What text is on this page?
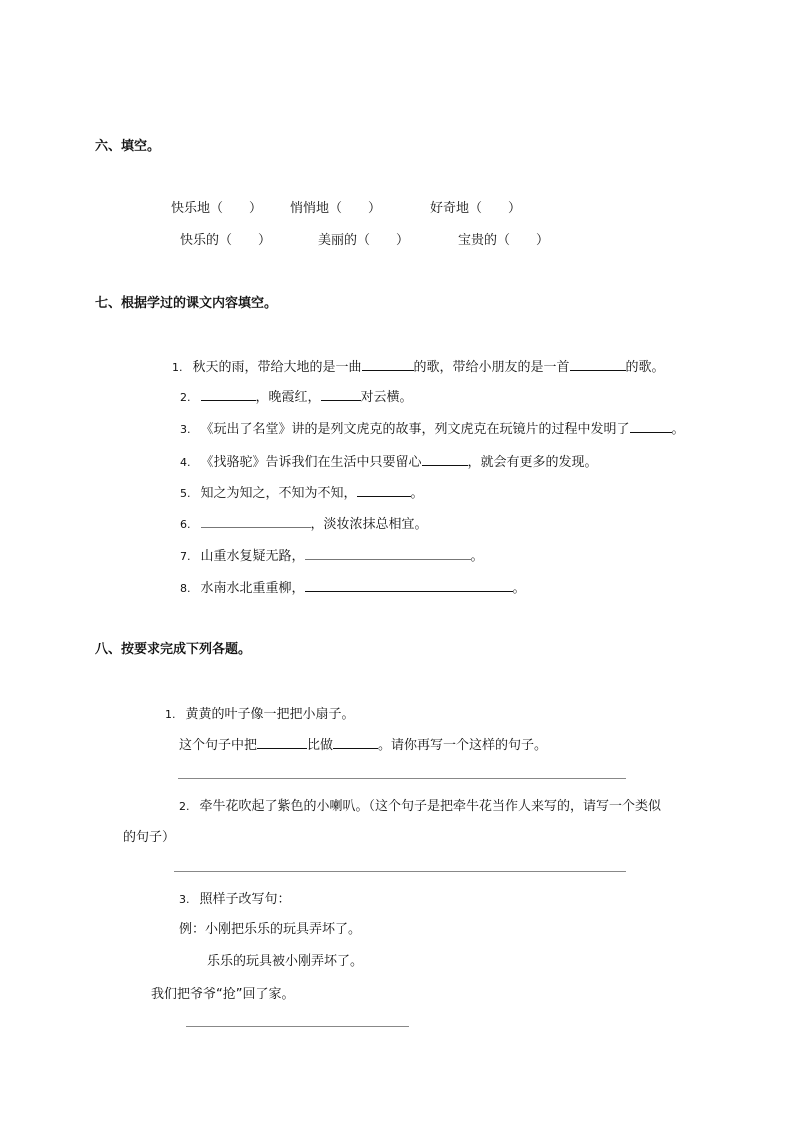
六、填空。
快乐地（　　） 悄悄地（　　）	好奇地（　　）
快乐的（　　）	美丽的（　　）	宝贵的（　　）
七、根据学过的课文内容填空。
1. 秋天的雨，带给大地的是一曲	的歌，带给小朋友的是一首	的歌。
2.	，晚霞红，	对云横。
3. 《玩出了名堂》讲的是列文虎克的故事，列文虎克在玩镜片的过程中发明了	。
4. 《找骆驼》告诉我们在生活中只要留心	，就会有更多的发现。
5. 知之为知之，不知为不知，	。
6.	，淡妆浓抹总相宜。
7. 山重水复疑无路，	。
8. 水南水北重重柳，	。
八、按要求完成下列各题。
1. 黄黄的叶子像一把把小扇子。
这个句子中把	比做	。请你再写一个这样的句子。
2. 牵牛花吹起了紫色的小喇叭。（这个句子是把牵牛花当作人来写的，请写一个类似
的句子）
3. 照样子改写句：
例：小刚把乐乐的玩具弄坏了。
乐乐的玩具被小刚弄坏了。
我们把爷爷“抢”回了家。
